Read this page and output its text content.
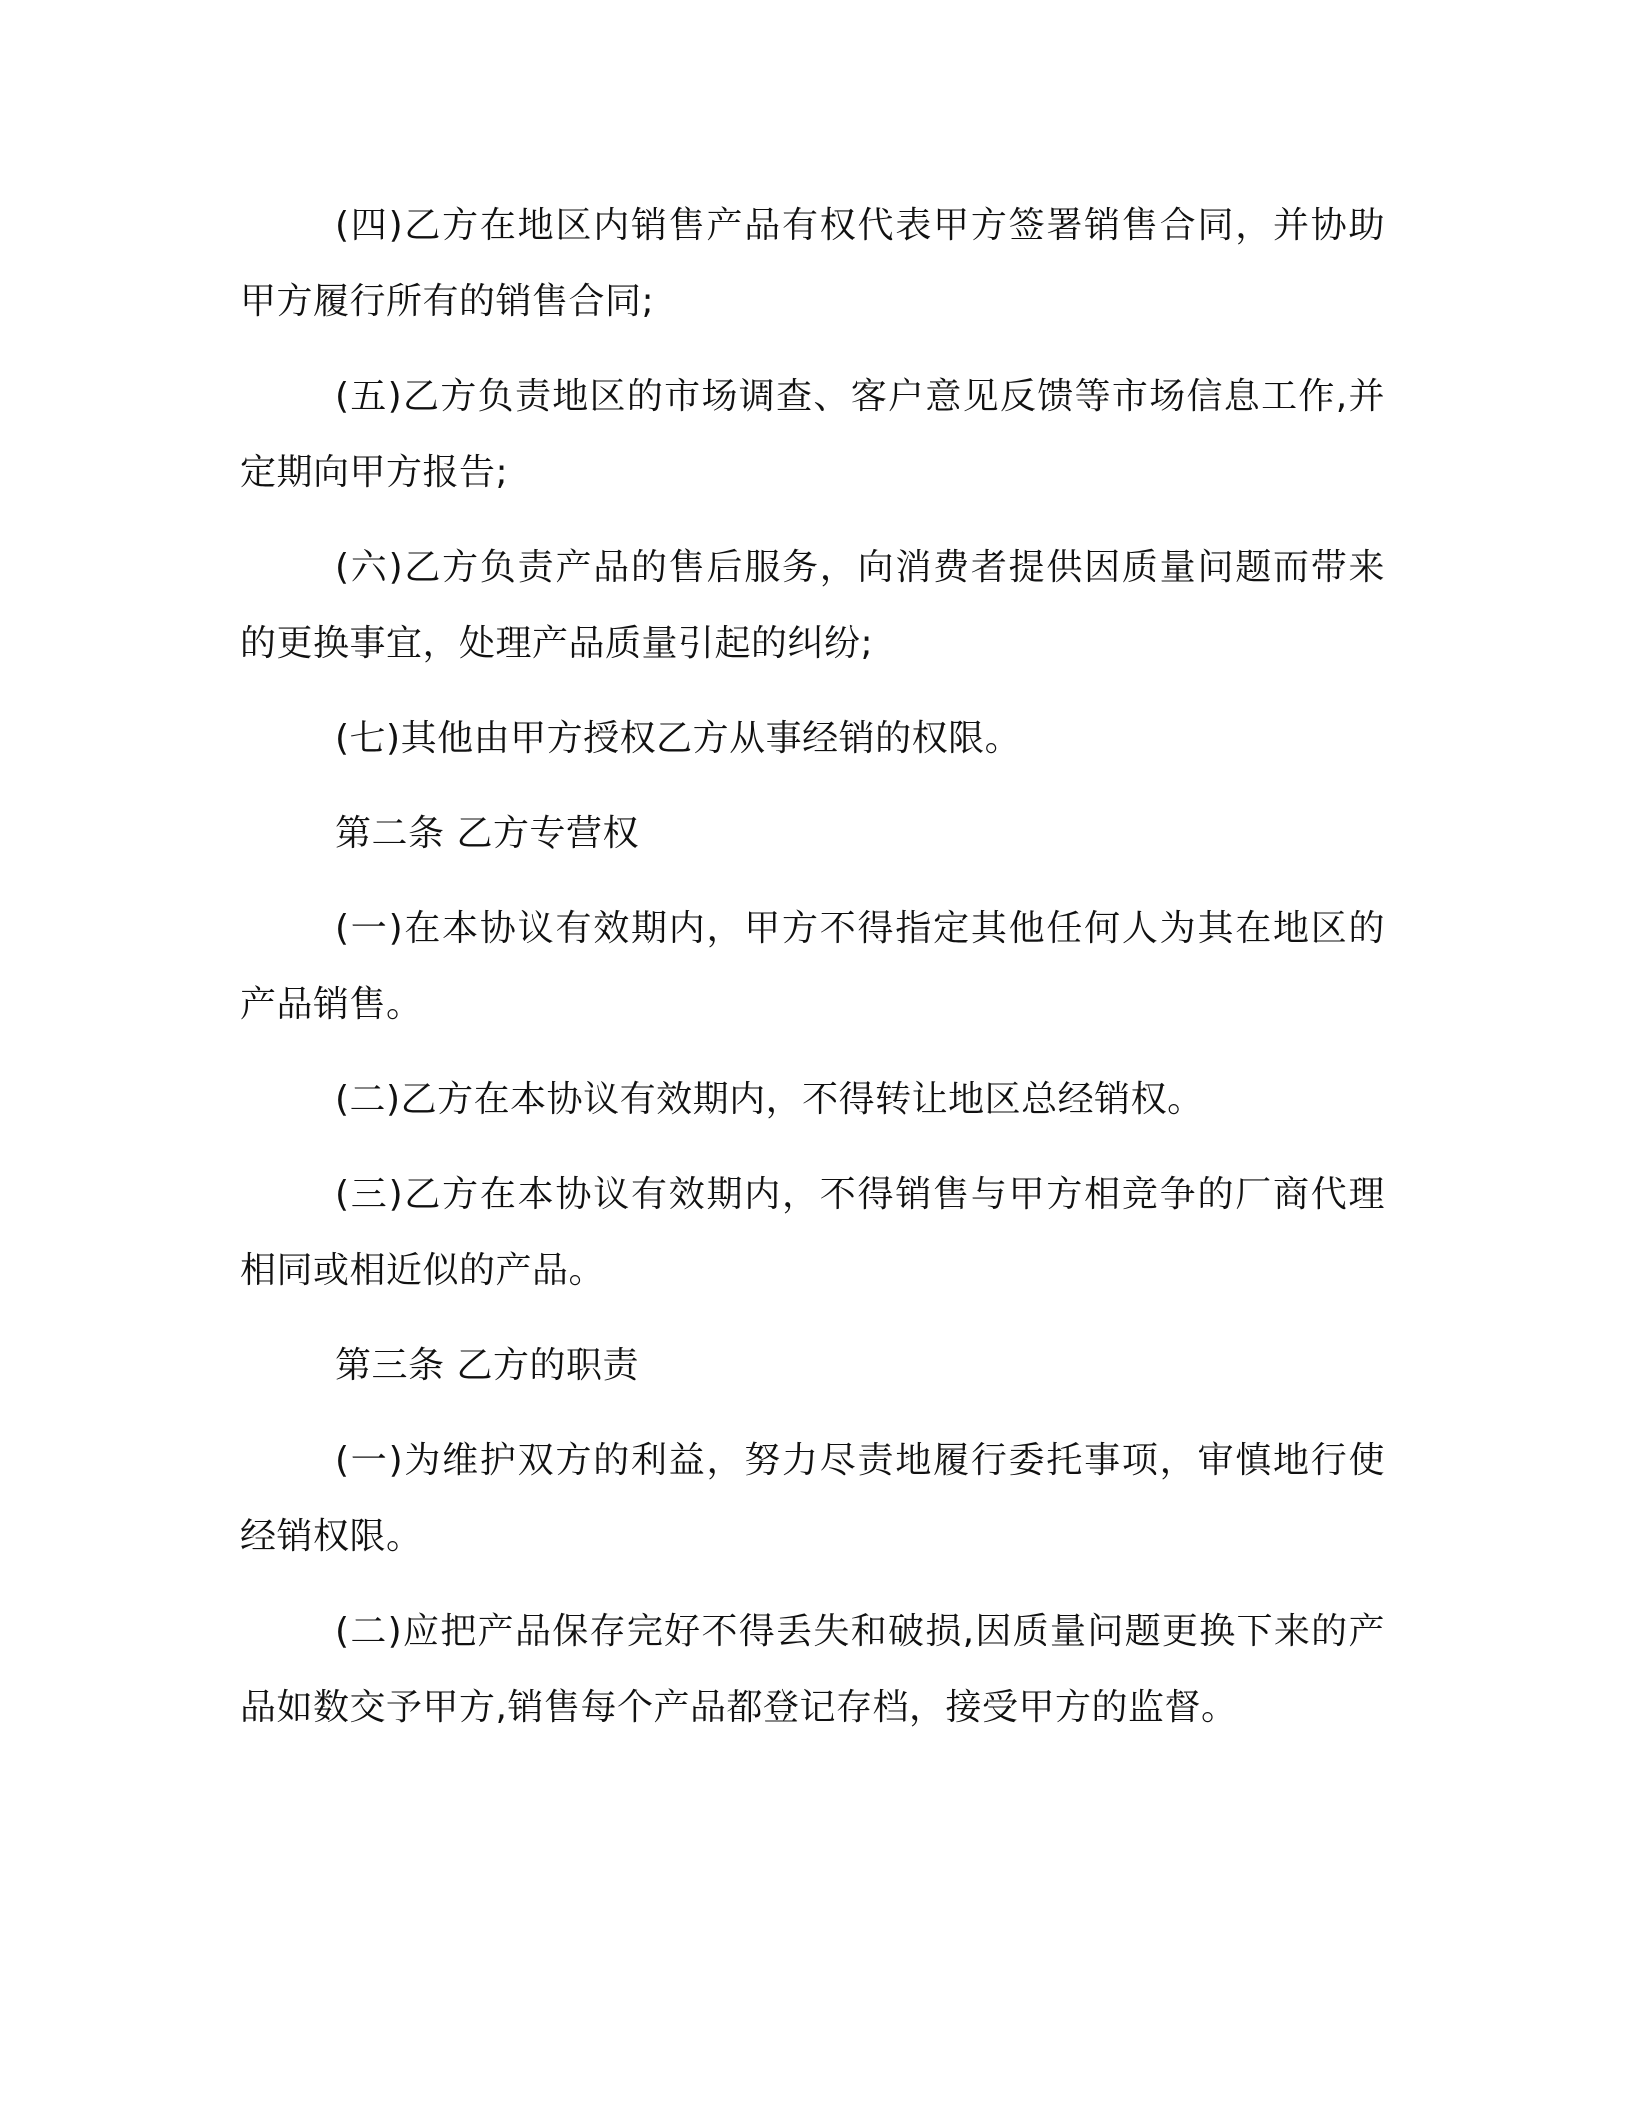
(四)乙方在地区内销售产品有权代表甲方签署销售合同，并协助甲方履行所有的销售合同;

(五)乙方负责地区的市场调查、客户意见反馈等市场信息工作,并定期向甲方报告;

(六)乙方负责产品的售后服务，向消费者提供因质量问题而带来的更换事宜，处理产品质量引起的纠纷;

(七)其他由甲方授权乙方从事经销的权限。

第二条 乙方专营权

(一)在本协议有效期内，甲方不得指定其他任何人为其在地区的产品销售。

(二)乙方在本协议有效期内，不得转让地区总经销权。

(三)乙方在本协议有效期内，不得销售与甲方相竞争的厂商代理相同或相近似的产品。

第三条 乙方的职责

(一)为维护双方的利益，努力尽责地履行委托事项，审慎地行使经销权限。

(二)应把产品保存完好不得丢失和破损,因质量问题更换下来的产品如数交予甲方,销售每个产品都登记存档，接受甲方的监督。
